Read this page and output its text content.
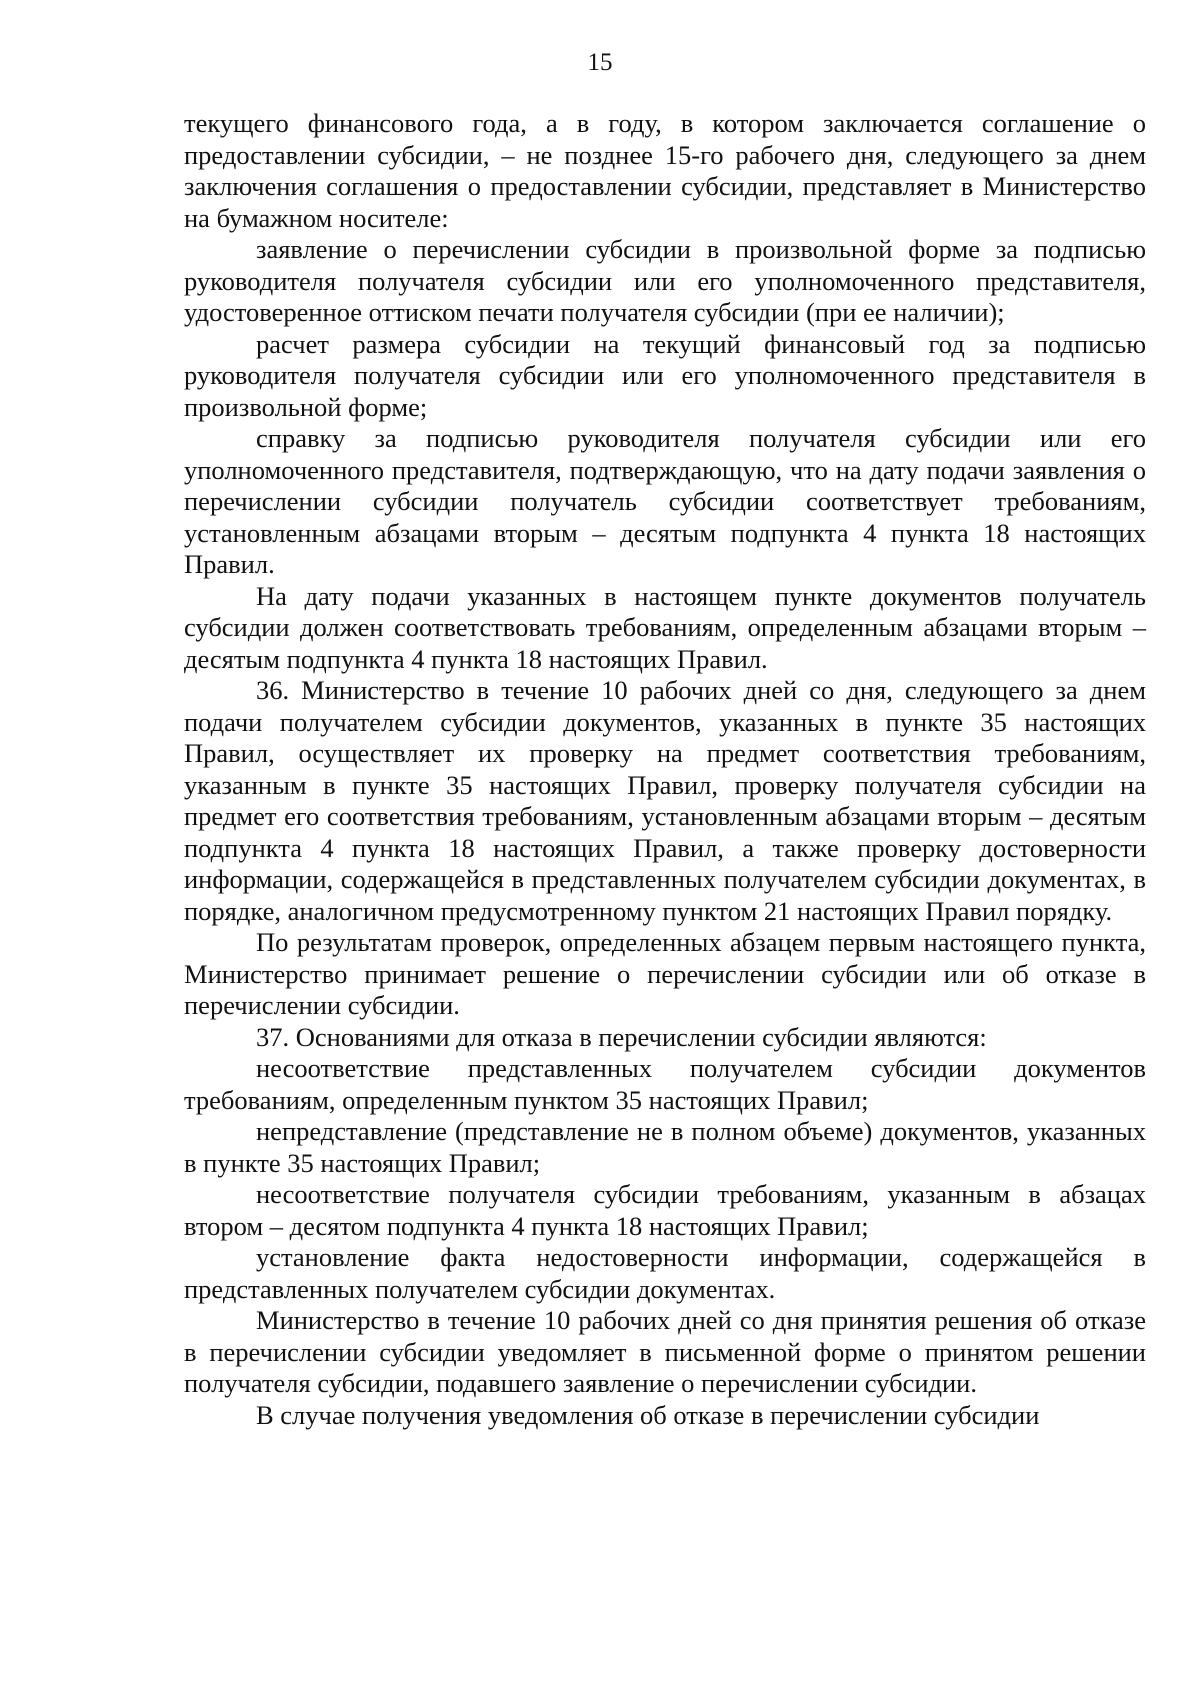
15

текущего финансового года, а в году, в котором заключается соглашение о предоставлении субсидии, – не позднее 15-го рабочего дня, следующего за днем заключения соглашения о предоставлении субсидии, представляет в Министерство на бумажном носителе:

заявление о перечислении субсидии в произвольной форме за подписью руководителя получателя субсидии или его уполномоченного представителя, удостоверенное оттиском печати получателя субсидии (при ее наличии);

расчет размера субсидии на текущий финансовый год за подписью руководителя получателя субсидии или его уполномоченного представителя в произвольной форме;

справку за подписью руководителя получателя субсидии или его уполномоченного представителя, подтверждающую, что на дату подачи заявления о перечислении субсидии получатель субсидии соответствует требованиям, установленным абзацами вторым – десятым подпункта 4 пункта 18 настоящих Правил.

На дату подачи указанных в настоящем пункте документов получатель субсидии должен соответствовать требованиям, определенным абзацами вторым – десятым подпункта 4 пункта 18 настоящих Правил.

36. Министерство в течение 10 рабочих дней со дня, следующего за днем подачи получателем субсидии документов, указанных в пункте 35 настоящих Правил, осуществляет их проверку на предмет соответствия требованиям, указанным в пункте 35 настоящих Правил, проверку получателя субсидии на предмет его соответствия требованиям, установленным абзацами вторым – десятым подпункта 4 пункта 18 настоящих Правил, а также проверку достоверности информации, содержащейся в представленных получателем субсидии документах, в порядке, аналогичном предусмотренному пунктом 21 настоящих Правил порядку.

По результатам проверок, определенных абзацем первым настоящего пункта, Министерство принимает решение о перечислении субсидии или об отказе в перечислении субсидии.

37. Основаниями для отказа в перечислении субсидии являются:

несоответствие представленных получателем субсидии документов требованиям, определенным пунктом 35 настоящих Правил;

непредставление (представление не в полном объеме) документов, указанных в пункте 35 настоящих Правил;

несоответствие получателя субсидии требованиям, указанным в абзацах втором – десятом подпункта 4 пункта 18 настоящих Правил;

установление факта недостоверности информации, содержащейся в представленных получателем субсидии документах.

Министерство в течение 10 рабочих дней со дня принятия решения об отказе в перечислении субсидии уведомляет в письменной форме о принятом решении получателя субсидии, подавшего заявление о перечислении субсидии.

В случае получения уведомления об отказе в перечислении субсидии
